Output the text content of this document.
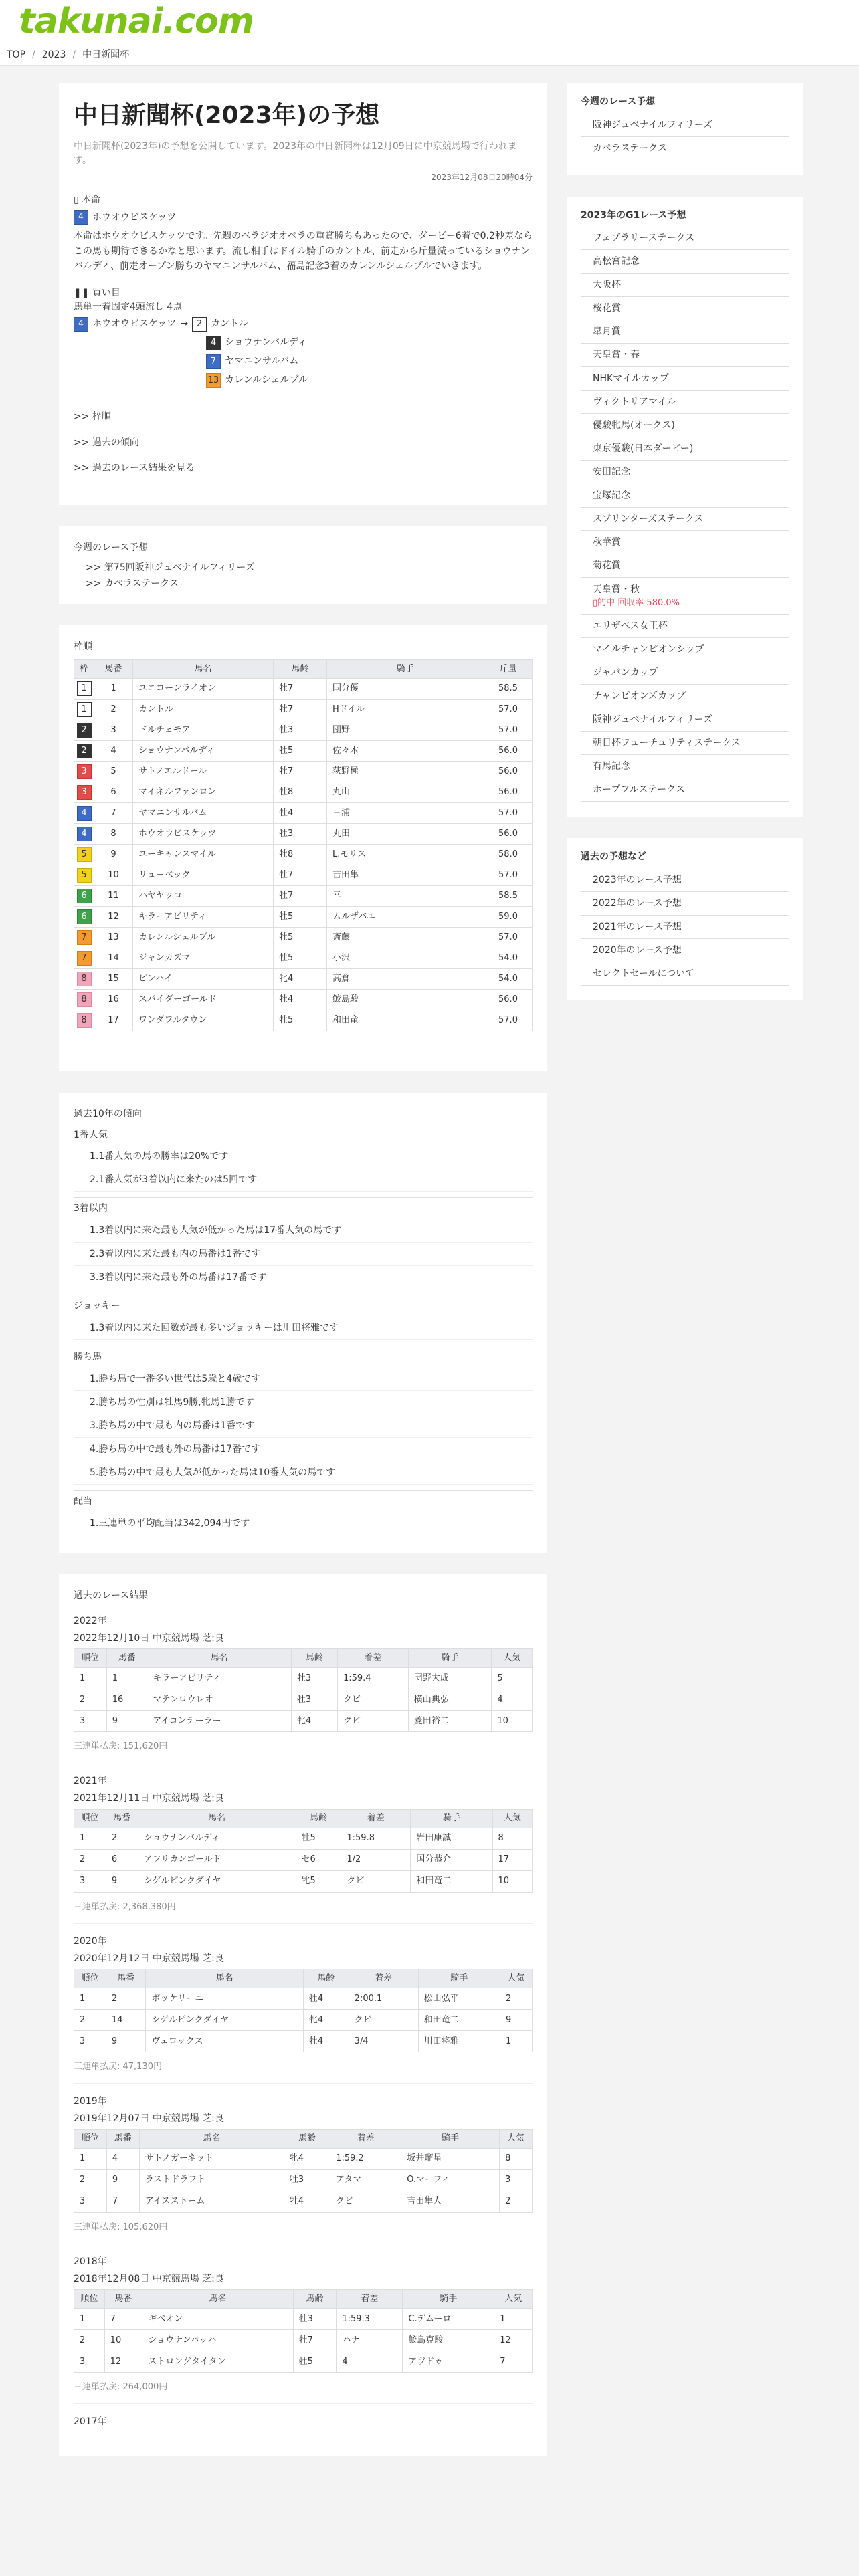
takunai.com
TOP / 2023 / 中日新聞杯
中日新聞杯(2023年)の予想

中日新聞杯(2023年)の予想を公開しています。2023年の中日新聞杯は12月09日に中京競馬場で行われます。

2023年12月08日20時04分

▯ 本命
4 ホウオウビスケッツ

本命はホウオウビスケッツです。先週のベラジオオペラの重賞勝ちもあったので、ダービー6着で0.2秒差ならこの馬も期待できるかなと思います。流し相手はドイル騎手のカントル、前走から斤量減っているショウナンバルディ、前走オープン勝ちのヤマニンサルバム、福島記念3着のカレンルシェルブルでいきます。

❚❚ 買い目
馬単一着固定4頭流し 4点
4 ホウオウビスケッツ → 2 カントル
4 ショウナンバルディ
7 ヤマニンサルバム
13 カレンルシェルブル

>> 枠順

>> 過去の傾向

>> 過去のレース結果を見る

今週のレース予想
>> 第75回阪神ジュベナイルフィリーズ
>> カペラステークス
枠順
枠	馬番	馬名	馬齢	騎手	斤量
1	1	ユニコーンライオン	牡7	国分優	58.5
1	2	カントル	牡7	Hドイル	57.0
2	3	ドルチェモア	牡3	団野	57.0
2	4	ショウナンバルディ	牡5	佐々木	56.0
3	5	サトノエルドール	牡7	荻野極	56.0
3	6	マイネルファンロン	牡8	丸山	56.0
4	7	ヤマニンサルバム	牡4	三浦	57.0
4	8	ホウオウビスケッツ	牡3	丸田	56.0
5	9	ユーキャンスマイル	牡8	L.モリス	58.0
5	10	リューベック	牡7	吉田隼	57.0
6	11	ハヤヤッコ	牡7	幸	58.5
6	12	キラーアビリティ	牡5	ムルザバエ	59.0
7	13	カレンルシェルブル	牡5	斎藤	57.0
7	14	ジャンカズマ	牡5	小沢	54.0
8	15	ピンハイ	牝4	高倉	54.0
8	16	スパイダーゴールド	牡4	鮫島駿	56.0
8	17	ワンダフルタウン	牡5	和田竜	57.0
過去10年の傾向
1番人気
1.1番人気の馬の勝率は20%です
2.1番人気が3着以内に来たのは5回です
3着以内
1.3着以内に来た最も人気が低かった馬は17番人気の馬です
2.3着以内に来た最も内の馬番は1番です
3.3着以内に来た最も外の馬番は17番です
ジョッキー
1.3着以内に来た回数が最も多いジョッキーは川田将雅です
勝ち馬
1.勝ち馬で一番多い世代は5歳と4歳です
2.勝ち馬の性別は牡馬9勝,牝馬1勝です
3.勝ち馬の中で最も内の馬番は1番です
4.勝ち馬の中で最も外の馬番は17番です
5.勝ち馬の中で最も人気が低かった馬は10番人気の馬です
配当
1.三連単の平均配当は342,094円です
過去のレース結果
2022年
2022年12月10日 中京競馬場 芝:良
順位	馬番	馬名	馬齢	着差	騎手	人気
1	1	キラーアビリティ	牡3	1:59.4	団野大成	5
2	16	マテンロウレオ	牡3	クビ	横山典弘	4
3	9	アイコンテーラー	牝4	クビ	菱田裕二	10
三連単払戻: 151,620円
2021年
2021年12月11日 中京競馬場 芝:良
順位	馬番	馬名	馬齢	着差	騎手	人気
1	2	ショウナンバルディ	牡5	1:59.8	岩田康誠	8
2	6	アフリカンゴールド	セ6	1/2	国分恭介	17
3	9	シゲルピンクダイヤ	牝5	クビ	和田竜二	10
三連単払戻: 2,368,380円
2020年
2020年12月12日 中京競馬場 芝:良
順位	馬番	馬名	馬齢	着差	騎手	人気
1	2	ボッケリーニ	牡4	2:00.1	松山弘平	2
2	14	シゲルピンクダイヤ	牝4	クビ	和田竜二	9
3	9	ヴェロックス	牡4	3/4	川田将雅	1
三連単払戻: 47,130円
2019年
2019年12月07日 中京競馬場 芝:良
順位	馬番	馬名	馬齢	着差	騎手	人気
1	4	サトノガーネット	牝4	1:59.2	坂井瑠星	8
2	9	ラストドラフト	牡3	アタマ	O.マーフィ	3
3	7	アイスストーム	牡4	クビ	吉田隼人	2
三連単払戻: 105,620円
2018年
2018年12月08日 中京競馬場 芝:良
順位	馬番	馬名	馬齢	着差	騎手	人気
1	7	ギベオン	牡3	1:59.3	C.デムーロ	1
2	10	ショウナンバッハ	牡7	ハナ	鮫島克駿	12
3	12	ストロングタイタン	牡5	4	アヴドゥ	7
三連単払戻: 264,000円
2017年
今週のレース予想
阪神ジュベナイルフィリーズ
カペラステークス
2023年のG1レース予想
フェブラリーステークス
高松宮記念
大阪杯
桜花賞
皐月賞
天皇賞・春
NHKマイルカップ
ヴィクトリアマイル
優駿牝馬(オークス)
東京優駿(日本ダービー)
安田記念
宝塚記念
スプリンターズステークス
秋華賞
菊花賞
天皇賞・秋
▯的中 回収率 580.0%
エリザベス女王杯
マイルチャンピオンシップ
ジャパンカップ
チャンピオンズカップ
阪神ジュベナイルフィリーズ
朝日杯フューチュリティステークス
有馬記念
ホープフルステークス
過去の予想など
2023年のレース予想
2022年のレース予想
2021年のレース予想
2020年のレース予想
セレクトセールについて
